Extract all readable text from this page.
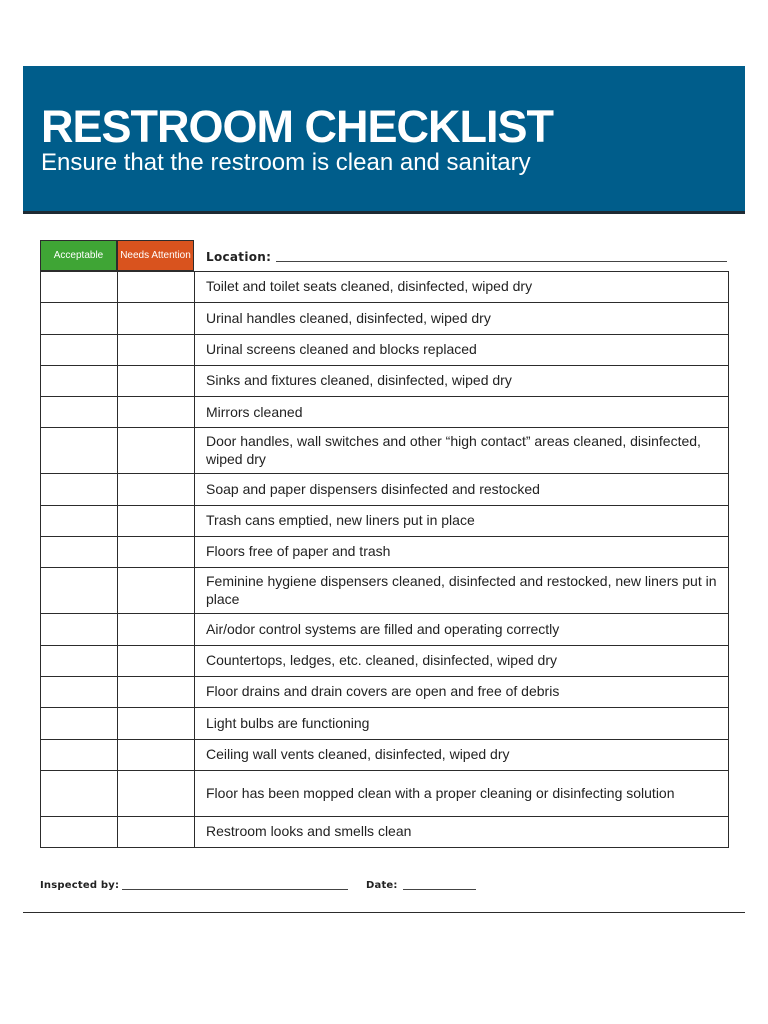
RESTROOM CHECKLIST
Ensure that the restroom is clean and sanitary
Acceptable	Needs Attention Location:
		Toilet and toilet seats cleaned, disinfected, wiped dry
		Urinal handles cleaned, disinfected, wiped dry
		Urinal screens cleaned and blocks replaced
		Sinks and fixtures cleaned, disinfected, wiped dry
		Mirrors cleaned
		Door handles, wall switches and other “high contact” areas cleaned, disinfected, wiped dry
		Soap and paper dispensers disinfected and restocked
		Trash cans emptied, new liners put in place
		Floors free of paper and trash
		Feminine hygiene dispensers cleaned, disinfected and restocked, new liners put in place
		Air/odor control systems are filled and operating correctly
		Countertops, ledges, etc. cleaned, disinfected, wiped dry
		Floor drains and drain covers are open and free of debris
		Light bulbs are functioning
		Ceiling wall vents cleaned, disinfected, wiped dry
		Floor has been mopped clean with a proper cleaning or disinfecting solution
		Restroom looks and smells clean
Inspected by:	Date:
